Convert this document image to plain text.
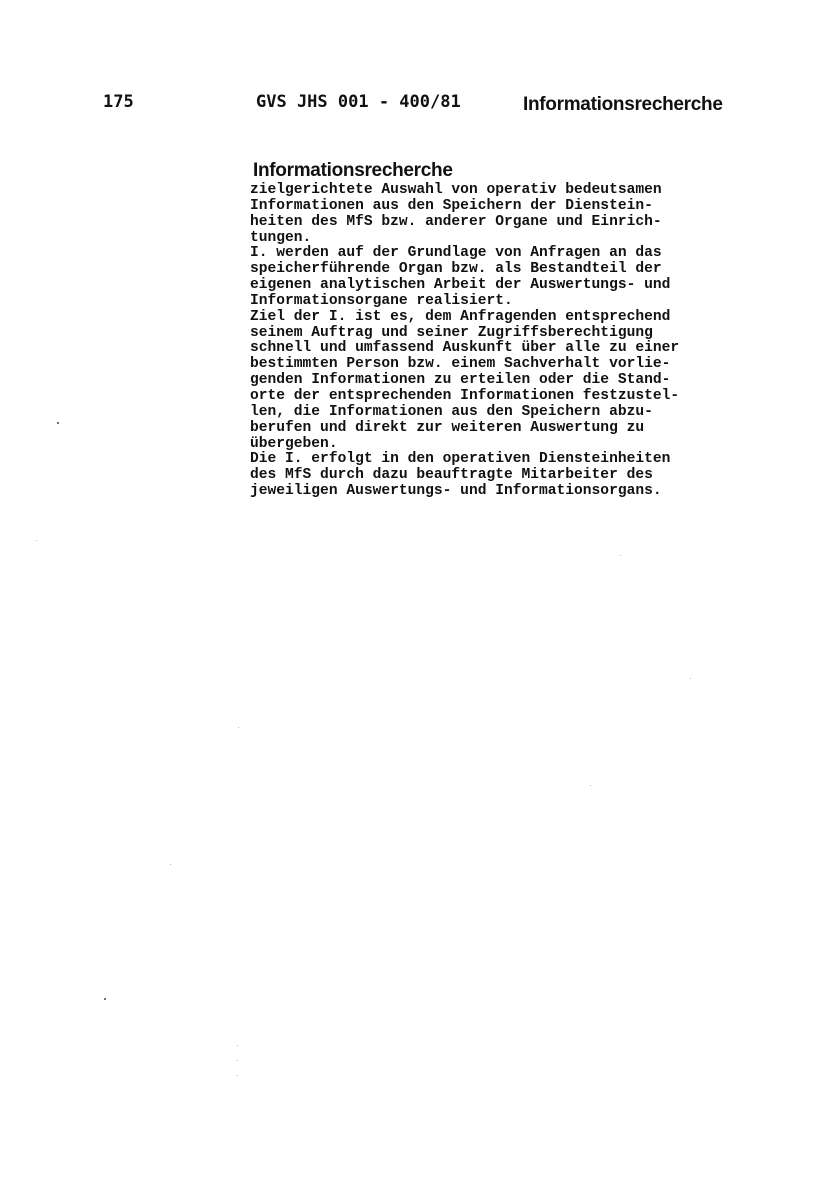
175	GVS JHS 001 - 400/81	Informationsrecherche
Informationsrecherche
zielgerichtete Auswahl von operativ bedeutsamen
Informationen aus den Speichern der Dienstein-
heiten des MfS bzw. anderer Organe und Einrich-
tungen.
I. werden auf der Grundlage von Anfragen an das
speicherführende Organ bzw. als Bestandteil der
eigenen analytischen Arbeit der Auswertungs- und
Informationsorgane realisiert.
Ziel der I. ist es, dem Anfragenden entsprechend
seinem Auftrag und seiner Zugriffsberechtigung
schnell und umfassend Auskunft über alle zu einer
bestimmten Person bzw. einem Sachverhalt vorlie-
genden Informationen zu erteilen oder die Stand-
orte der entsprechenden Informationen festzustel-
len, die Informationen aus den Speichern abzu-
berufen und direkt zur weiteren Auswertung zu
übergeben.
Die I. erfolgt in den operativen Diensteinheiten
des MfS durch dazu beauftragte Mitarbeiter des
jeweiligen Auswertungs- und Informationsorgans.
